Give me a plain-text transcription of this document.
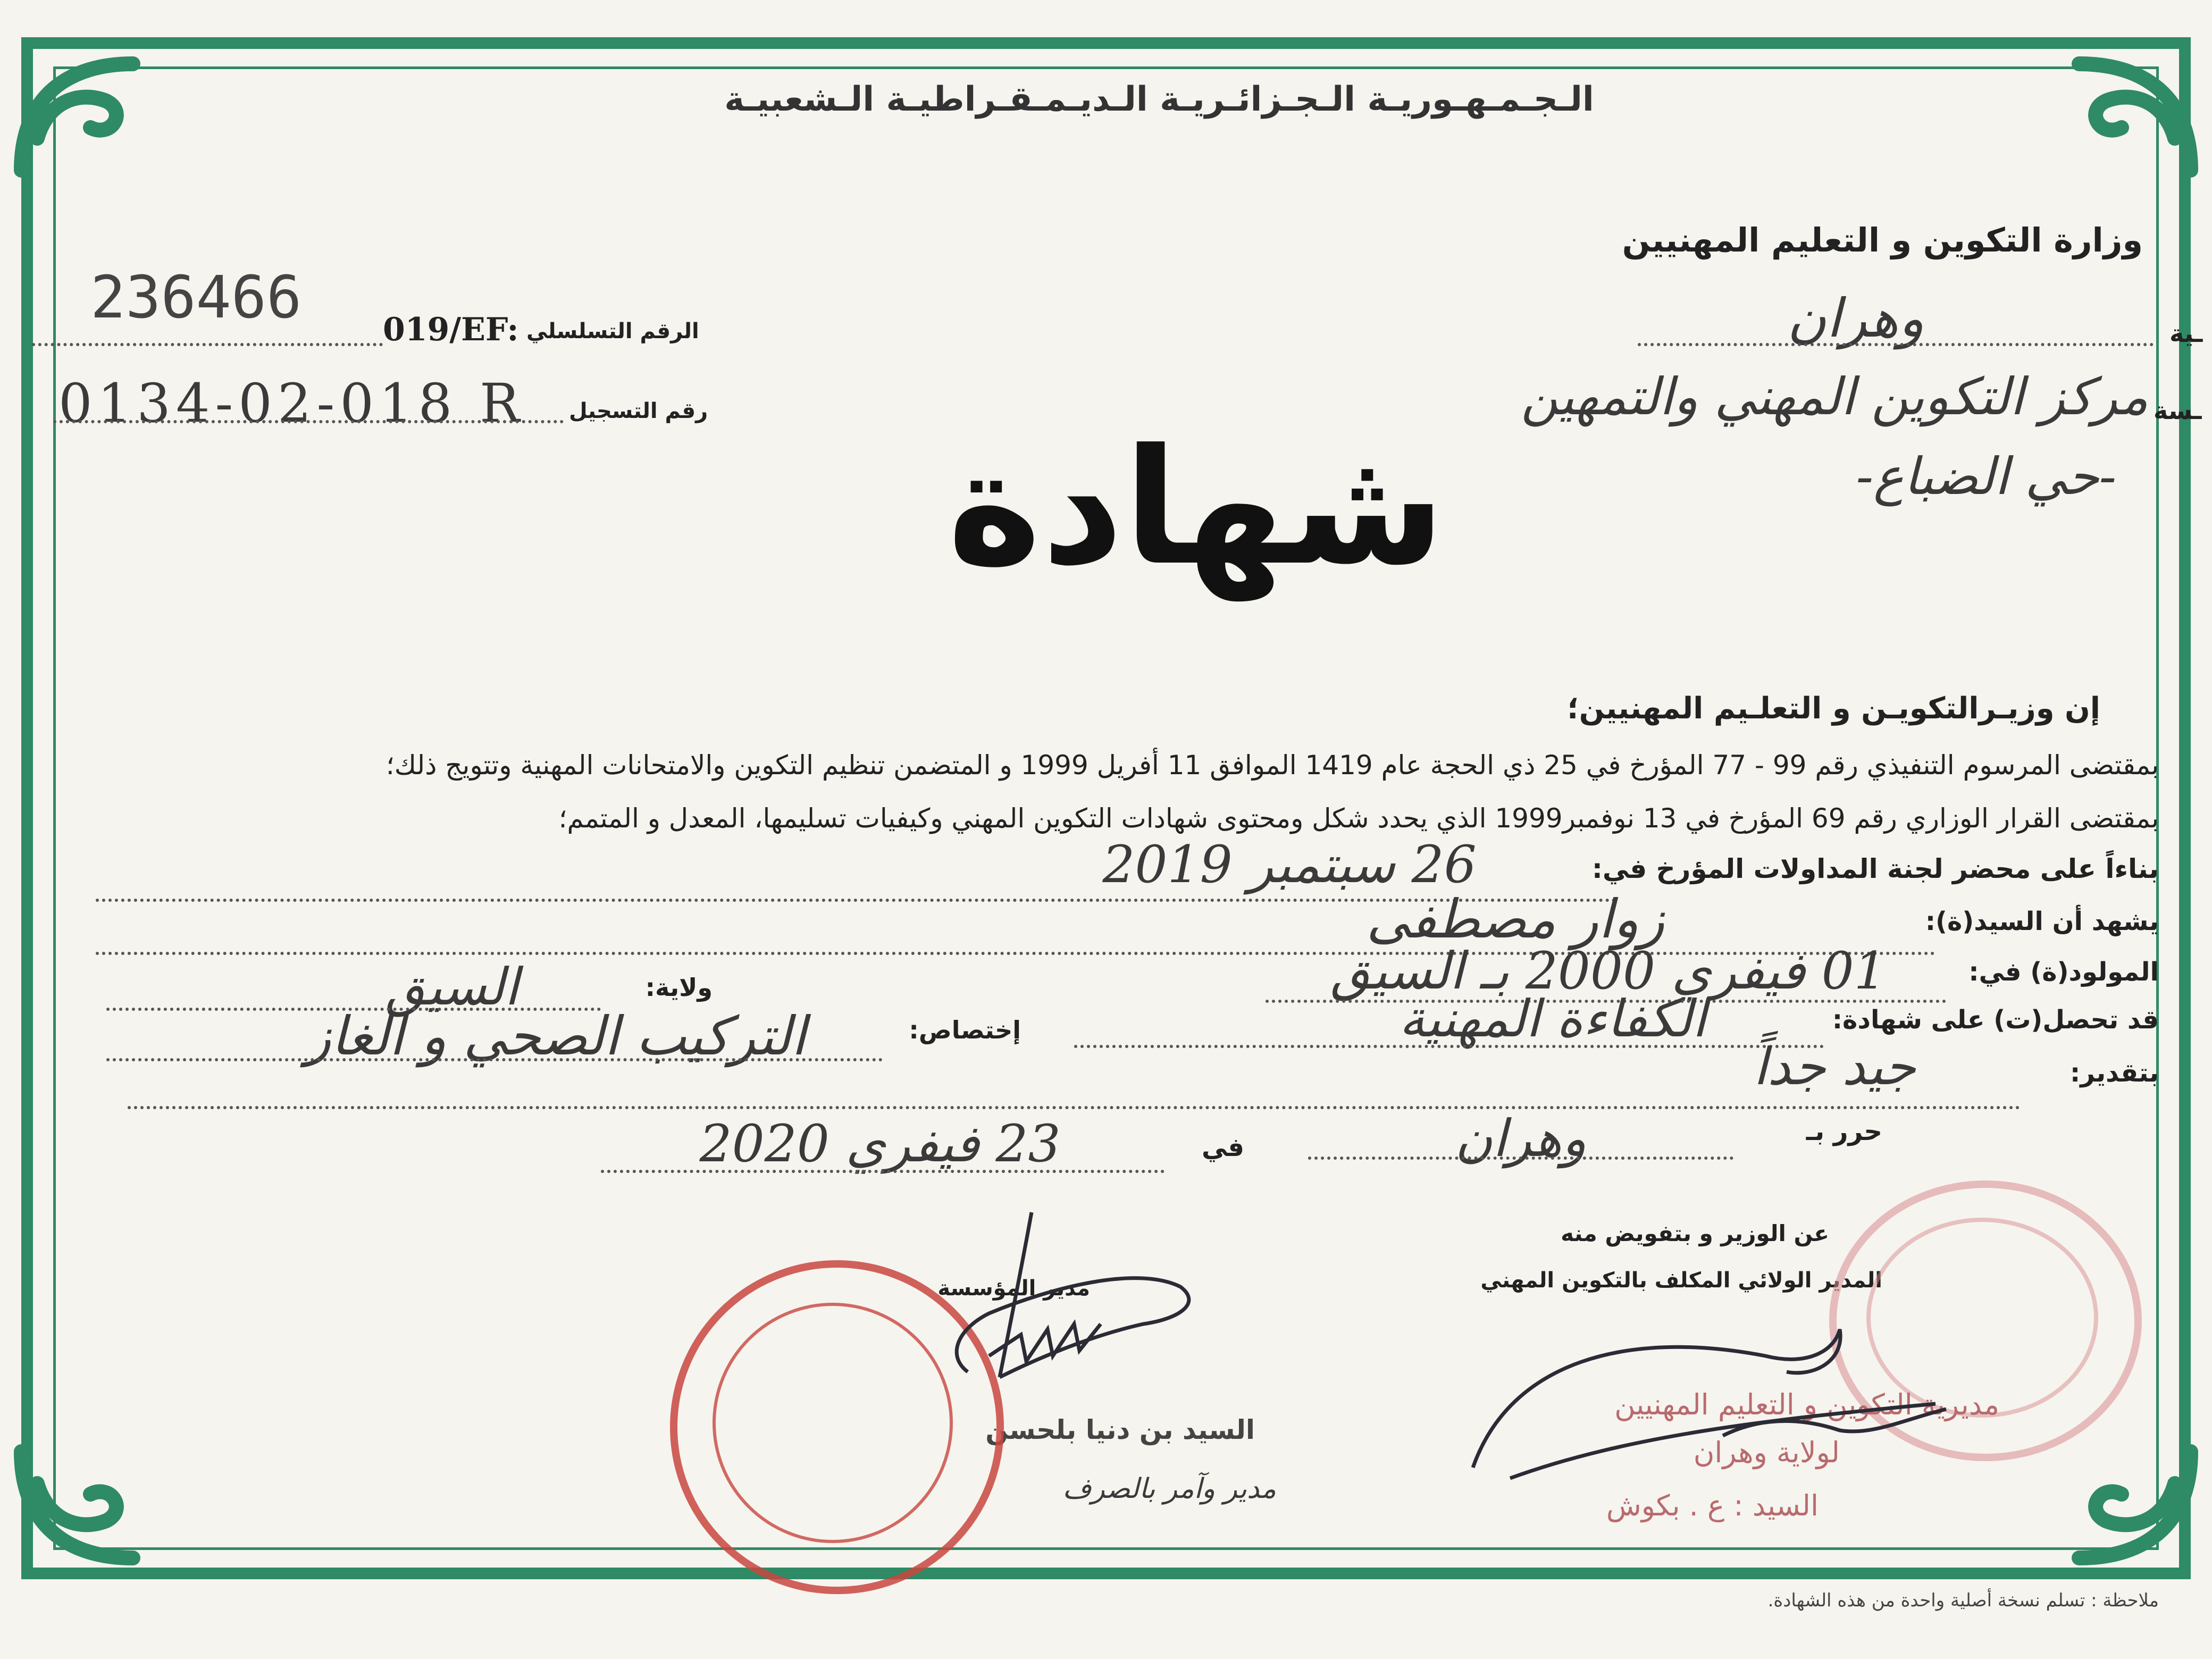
الـجـمـهـوريـة الـجـزائـريـة الـديـمـقـراطيـة الـشعبيـة
وزارة التكوين و التعليم المهنيين
236466	019/EF: الرقم التسلسلي
0134-02-018 R رقم التسجيل
ـية
وهران
ـسة
مركز التكوين المهني والتمهين
-حي الضباع-
شهادة
إن وزيـرالتكويـن و التعلـيم المهنيين؛
بمقتضى المرسوم التنفيذي رقم 99 - 77 المؤرخ في 25 ذي الحجة عام 1419 الموافق 11 أفريل 1999 و المتضمن تنظيم التكوين والامتحانات المهنية وتتويج ذلك؛
بمقتضى القرار الوزاري رقم 69 المؤرخ في 13 نوفمبر1999 الذي يحدد شكل ومحتوى شهادات التكوين المهني وكيفيات تسليمها، المعدل و المتمم؛
بناءاً على محضر لجنة المداولات المؤرخ في:
26 سبتمبر 2019
يشهد أن السيد(ة):
زوار مصطفى
المولود(ة) في:
01 فيفري 2000 بـ السيق
ولاية:
السيق
قد تحصل(ت) على شهادة:
الكفاءة المهنية
إختصاص:
التركيب الصحي و الغاز
بتقدير:
جيد جداً
حرر بـ
وهران
في
23 فيفري 2020
عن الوزير و بتفويض منه
المدير الولائي المكلف بالتكوين المهني
مديرية التكوين و التعليم المهنيين
لولاية وهران
السيد : ع . بكوش
مدير المؤسسة
السيد بن دنيا بلحسن
مدير وآمر بالصرف
ملاحظة : تسلم نسخة أصلية واحدة من هذه الشهادة.
